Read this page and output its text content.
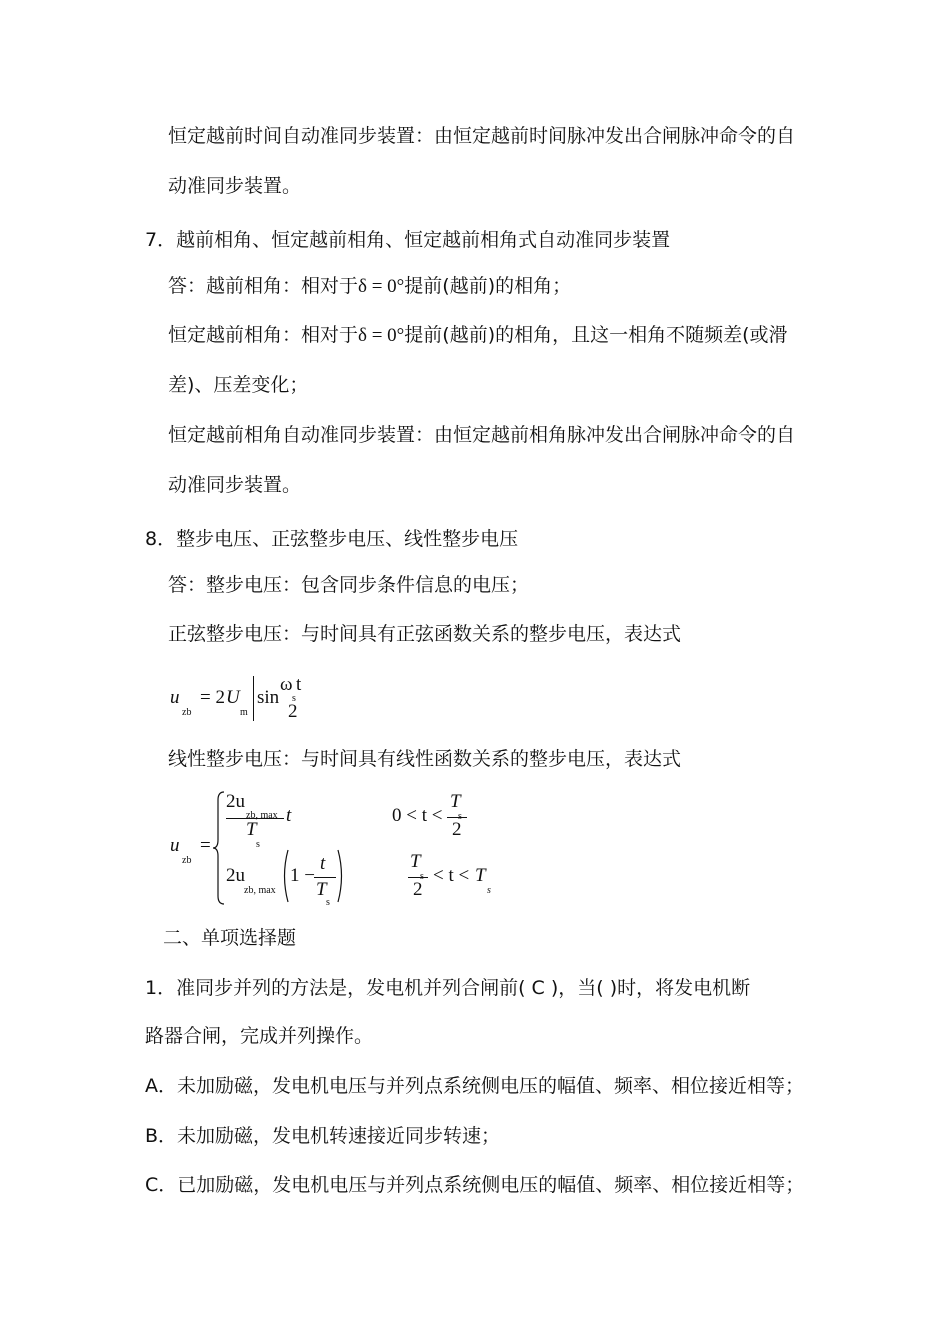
恒定越前时间自动准同步装置：由恒定越前时间脉冲发出合闸脉冲命令的自
动准同步装置。
7．越前相角、恒定越前相角、恒定越前相角式自动准同步装置
答：越前相角：相对于δ = 0°提前(越前)的相角；
恒定越前相角：相对于δ = 0°提前(越前)的相角，且这一相角不随频差(或滑
差)、压差变化；
恒定越前相角自动准同步装置：由恒定越前相角脉冲发出合闸脉冲命令的自
动准同步装置。
8．整步电压、正弦整步电压、线性整步电压
答：整步电压：包含同步条件信息的电压；
正弦整步电压：与时间具有正弦函数关系的整步电压，表达式
u
zb
= 2 U
m
sin
ω t
s
2
线性整步电压：与时间具有线性函数关系的整步电压，表达式
u
zb
=
2u
zb, max
T
s
t	0 < t <
T
s
2
2u
zb, max
1 −
t
T
s
T
s
2
< t < T
s
二、单项选择题
1．准同步并列的方法是，发电机并列合闸前( C )，当( )时，将发电机断
路器合闸，完成并列操作。
A．未加励磁，发电机电压与并列点系统侧电压的幅值、频率、相位接近相等；
B．未加励磁，发电机转速接近同步转速；
C．已加励磁，发电机电压与并列点系统侧电压的幅值、频率、相位接近相等；
